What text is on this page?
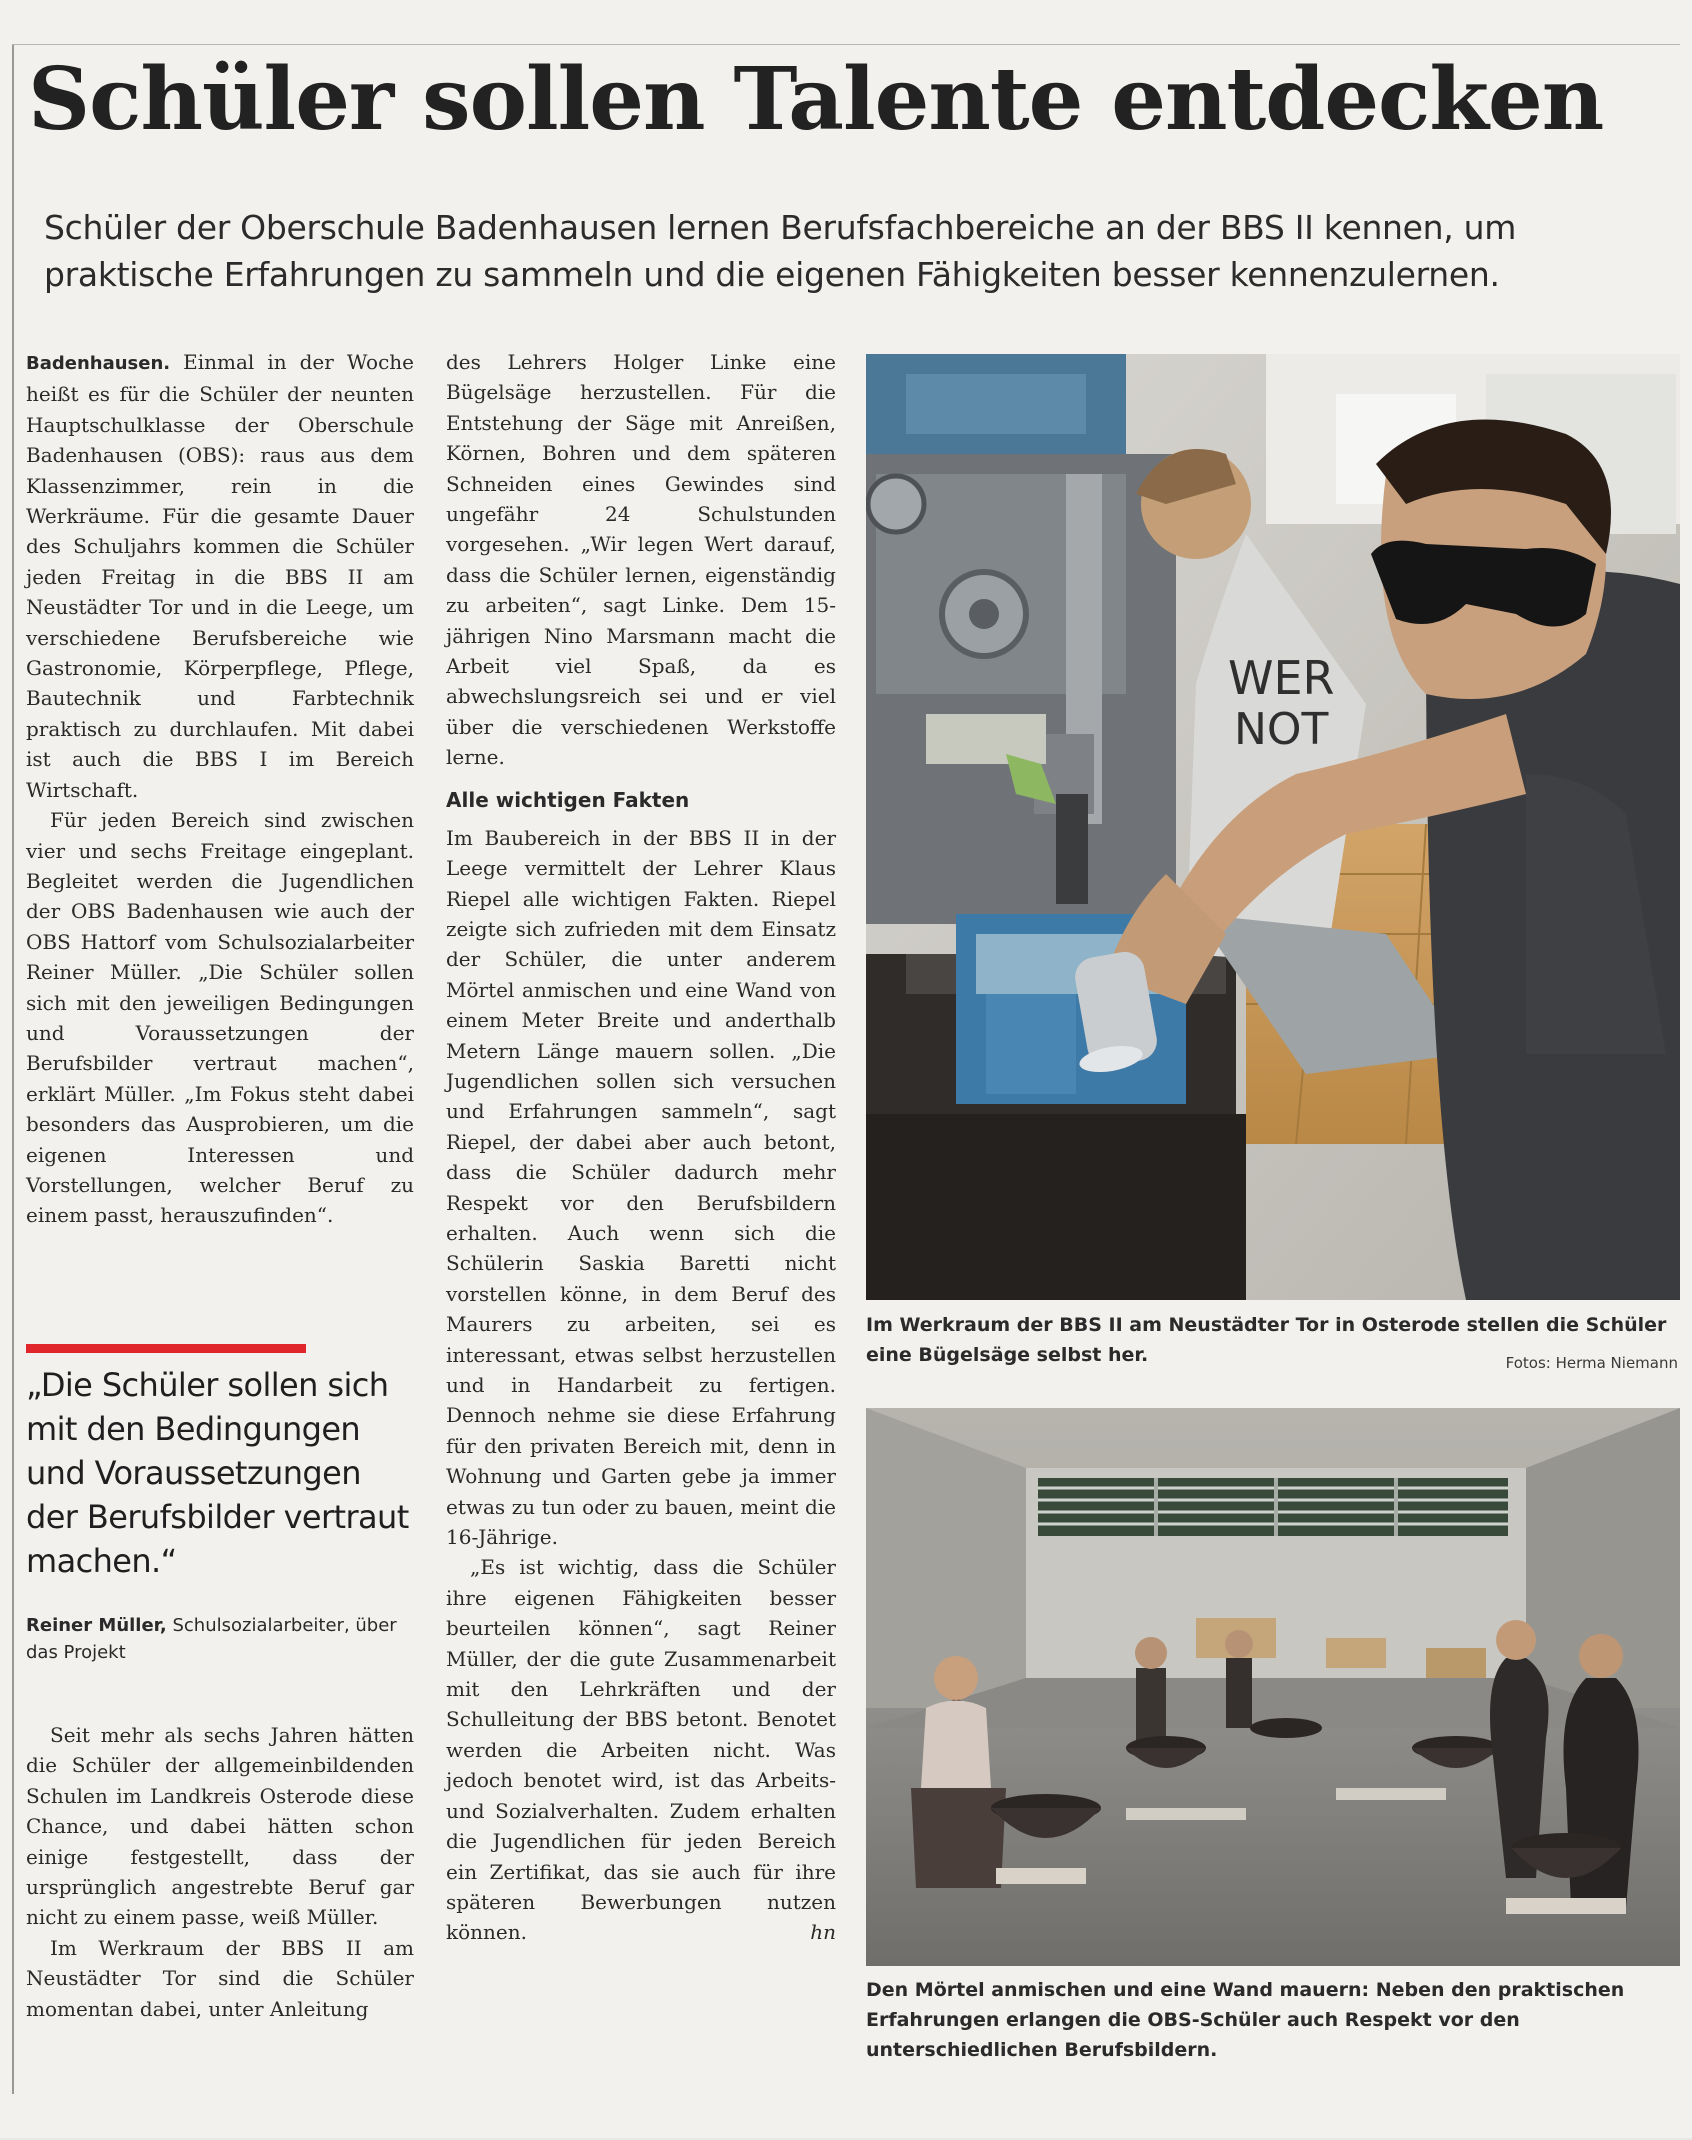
Schüler sollen Talente entdecken
Schüler der Oberschule Badenhausen lernen Berufsfachbereiche an der BBS II kennen, um praktische Erfahrungen zu sammeln und die eigenen Fähigkeiten besser kennenzulernen.

Badenhausen. Einmal in der Woche heißt es für die Schüler der neunten Hauptschulklasse der Oberschule Badenhausen (OBS): raus aus dem Klassenzimmer, rein in die Werkräume. Für die gesamte Dauer des Schuljahrs kommen die Schüler jeden Freitag in die BBS II am Neustädter Tor und in die Leege, um verschiedene Berufsbereiche wie Gastronomie, Körperpflege, Pflege, Bautechnik und Farbtechnik praktisch zu durchlaufen. Mit dabei ist auch die BBS I im Bereich Wirtschaft.

Für jeden Bereich sind zwischen vier und sechs Freitage eingeplant. Begleitet werden die Jugendlichen der OBS Badenhausen wie auch der OBS Hattorf vom Schulsozialarbeiter Reiner Müller. „Die Schüler sollen sich mit den jeweiligen Bedingungen und Voraussetzungen der Berufsbilder vertraut machen“, erklärt Müller. „Im Fokus steht dabei besonders das Ausprobieren, um die eigenen Interessen und Vorstellungen, welcher Beruf zu einem passt, herauszufinden“.

„Die Schüler sollen sich mit den Bedingungen und Voraussetzungen der Berufsbilder vertraut machen.“
Reiner Müller, Schulsozialarbeiter, über das Projekt

Seit mehr als sechs Jahren hätten die Schüler der allgemeinbildenden Schulen im Landkreis Osterode diese Chance, und dabei hätten schon einige festgestellt, dass der ursprünglich angestrebte Beruf gar nicht zu einem passe, weiß Müller.

Im Werkraum der BBS II am Neustädter Tor sind die Schüler momentan dabei, unter Anleitung

des Lehrers Holger Linke eine Bügelsäge herzustellen. Für die Entstehung der Säge mit Anreißen, Körnen, Bohren und dem späteren Schneiden eines Gewindes sind ungefähr 24 Schulstunden vorgesehen. „Wir legen Wert darauf, dass die Schüler lernen, eigenständig zu arbeiten“, sagt Linke. Dem 15-jährigen Nino Marsmann macht die Arbeit viel Spaß, da es abwechslungsreich sei und er viel über die verschiedenen Werkstoffe lerne.

Alle wichtigen Fakten

Im Baubereich in der BBS II in der Leege vermittelt der Lehrer Klaus Riepel alle wichtigen Fakten. Riepel zeigte sich zufrieden mit dem Einsatz der Schüler, die unter anderem Mörtel anmischen und eine Wand von einem Meter Breite und anderthalb Metern Länge mauern sollen. „Die Jugendlichen sollen sich versuchen und Erfahrungen sammeln“, sagt Riepel, der dabei aber auch betont, dass die Schüler dadurch mehr Respekt vor den Berufsbildern erhalten. Auch wenn sich die Schülerin Saskia Baretti nicht vorstellen könne, in dem Beruf des Maurers zu arbeiten, sei es interessant, etwas selbst herzustellen und in Handarbeit zu fertigen. Dennoch nehme sie diese Erfahrung für den privaten Bereich mit, denn in Wohnung und Garten gebe ja immer etwas zu tun oder zu bauen, meint die 16-Jährige.

„Es ist wichtig, dass die Schüler ihre eigenen Fähigkeiten besser beurteilen können“, sagt Reiner Müller, der die gute Zusammenarbeit mit den Lehrkräften und der Schulleitung der BBS betont. Benotet werden die Arbeiten nicht. Was jedoch benotet wird, ist das Arbeits- und Sozialverhalten. Zudem erhalten die Jugendlichen für jeden Bereich ein Zertifikat, das sie auch für ihre späteren Bewerbungen nutzen können.	hn

WER
NOT
Fotos: Herma Niemann
Im Werkraum der BBS II am Neustädter Tor in Osterode stellen die Schüler eine Bügelsäge selbst her.
Den Mörtel anmischen und eine Wand mauern: Neben den praktischen Erfahrungen erlangen die OBS-Schüler auch Respekt vor den unterschiedlichen Berufsbildern.
